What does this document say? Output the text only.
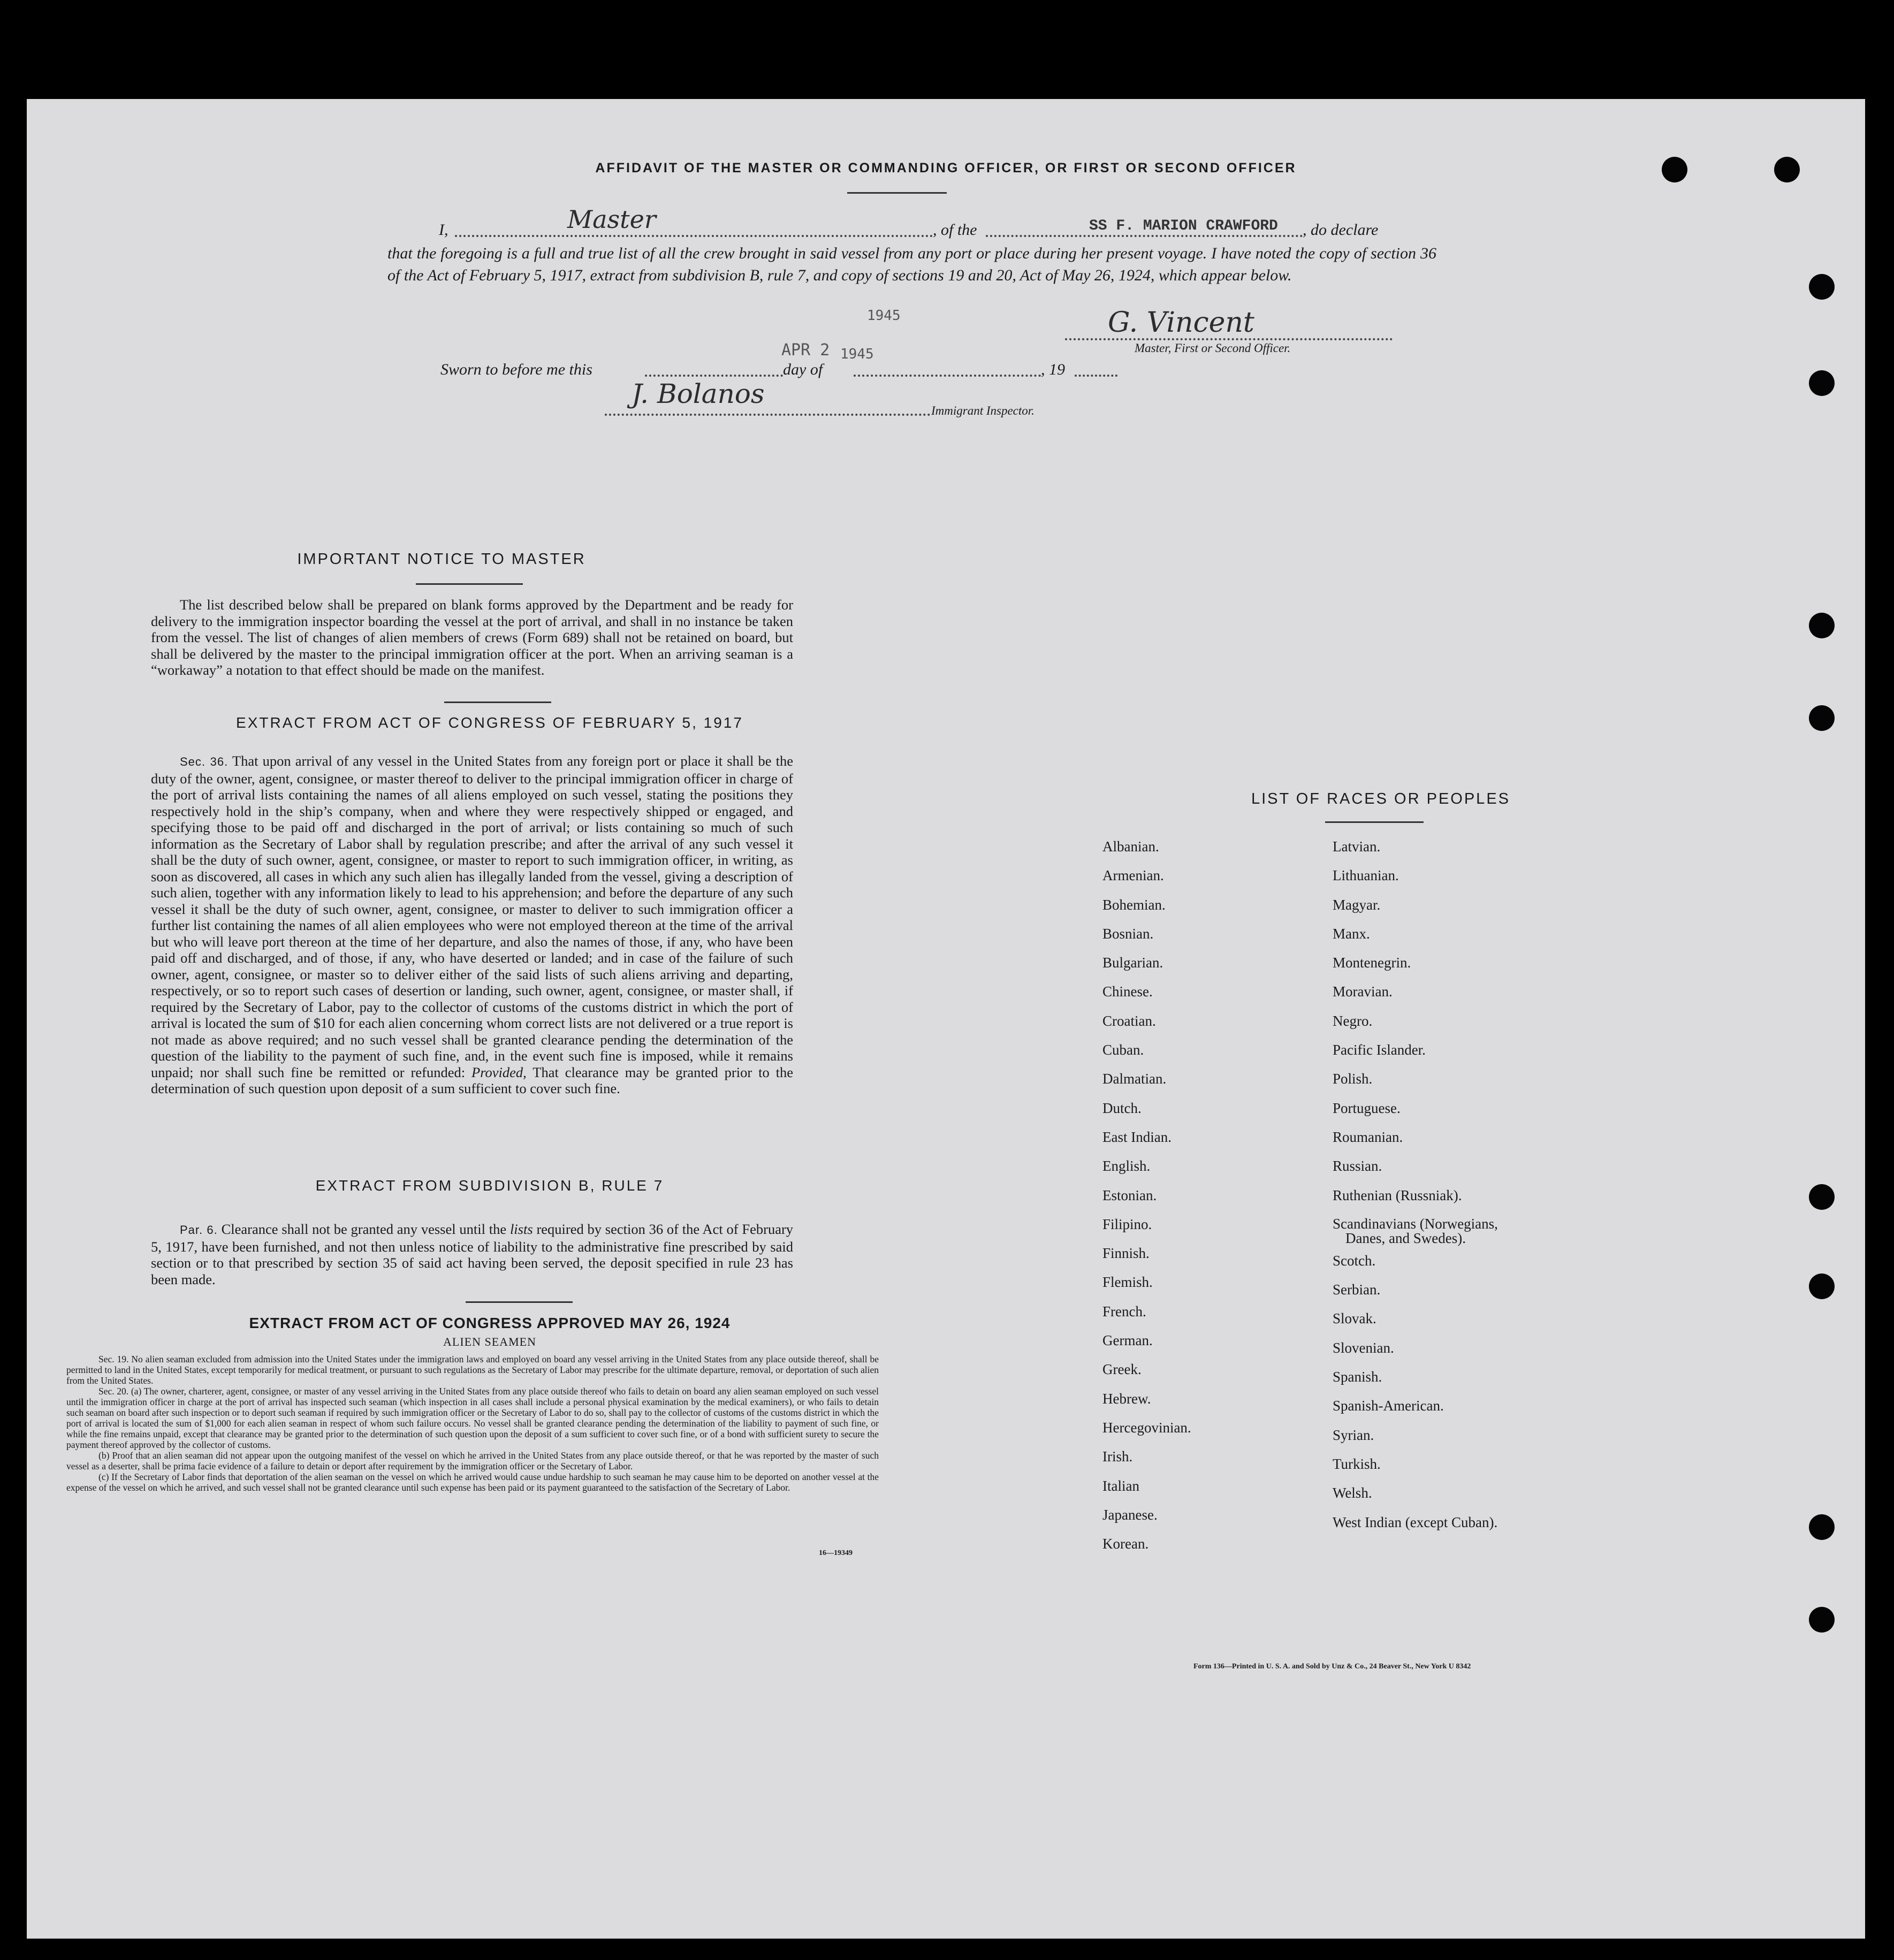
AFFIDAVIT OF THE MASTER OR COMMANDING OFFICER, OR FIRST OR SECOND OFFICER
I,	Master	, of the	SS F. MARION CRAWFORD , do declare
that the foregoing is a full and true list of all the crew brought in said vessel from any port or place during her present voyage. I have noted the copy of section 36 of the Act of February 5, 1917, extract from subdivision B, rule 7, and copy of sections 19 and 20, Act of May 26, 1924, which appear below.
1945
APR 2 1945
G. Vincent
Master, First or Second Officer.
Sworn to before me this	day of	, 19
J. Bolanos
Immigrant Inspector.
IMPORTANT NOTICE TO MASTER
The list described below shall be prepared on blank forms approved by the Department and be ready for delivery to the immigration inspector boarding the vessel at the port of arrival, and shall in no instance be taken from the vessel. The list of changes of alien members of crews (Form 689) shall not be retained on board, but shall be delivered by the master to the principal immigration officer at the port. When an arriving seaman is a “workaway” a notation to that effect should be made on the manifest.
EXTRACT FROM ACT OF CONGRESS OF FEBRUARY 5, 1917
Sec. 36. That upon arrival of any vessel in the United States from any foreign port or place it shall be the duty of the owner, agent, consignee, or master thereof to deliver to the principal immigration officer in charge of the port of arrival lists containing the names of all aliens employed on such vessel, stating the positions they respectively hold in the ship’s company, when and where they were respectively shipped or engaged, and specifying those to be paid off and discharged in the port of arrival; or lists containing so much of such information as the Secretary of Labor shall by regulation prescribe; and after the arrival of any such vessel it shall be the duty of such owner, agent, consignee, or master to report to such immigration officer, in writing, as soon as discovered, all cases in which any such alien has illegally landed from the vessel, giving a description of such alien, together with any information likely to lead to his apprehension; and before the departure of any such vessel it shall be the duty of such owner, agent, consignee, or master to deliver to such immigration officer a further list containing the names of all alien employees who were not employed thereon at the time of the arrival but who will leave port thereon at the time of her departure, and also the names of those, if any, who have been paid off and discharged, and of those, if any, who have deserted or landed; and in case of the failure of such owner, agent, consignee, or master so to deliver either of the said lists of such aliens arriving and departing, respectively, or so to report such cases of desertion or landing, such owner, agent, consignee, or master shall, if required by the Secretary of Labor, pay to the collector of customs of the customs district in which the port of arrival is located the sum of $10 for each alien concerning whom correct lists are not delivered or a true report is not made as above required; and no such vessel shall be granted clearance pending the determination of the question of the liability to the payment of such fine, and, in the event such fine is imposed, while it remains unpaid; nor shall such fine be remitted or refunded: Provided, That clearance may be granted prior to the determination of such question upon deposit of a sum sufficient to cover such fine.
EXTRACT FROM SUBDIVISION B, RULE 7
Par. 6. Clearance shall not be granted any vessel until the lists required by section 36 of the Act of February 5, 1917, have been furnished, and not then unless notice of liability to the administrative fine prescribed by said section or to that prescribed by section 35 of said act having been served, the deposit specified in rule 23 has been made.
EXTRACT FROM ACT OF CONGRESS APPROVED MAY 26, 1924
ALIEN SEAMEN
Sec. 19. No alien seaman excluded from admission into the United States under the immigration laws and employed on board any vessel arriving in the United States from any place outside thereof, shall be permitted to land in the United States, except temporarily for medical treatment, or pursuant to such regulations as the Secretary of Labor may prescribe for the ultimate departure, removal, or deportation of such alien from the United States.
Sec. 20. (a) The owner, charterer, agent, consignee, or master of any vessel arriving in the United States from any place outside thereof who fails to detain on board any alien seaman employed on such vessel until the immigration officer in charge at the port of arrival has inspected such seaman (which inspection in all cases shall include a personal physical examination by the medical examiners), or who fails to detain such seaman on board after such inspection or to deport such seaman if required by such immigration officer or the Secretary of Labor to do so, shall pay to the collector of customs of the customs district in which the port of arrival is located the sum of $1,000 for each alien seaman in respect of whom such failure occurs. No vessel shall be granted clearance pending the determination of the liability to payment of such fine, or while the fine remains unpaid, except that clearance may be granted prior to the determination of such question upon the deposit of a sum sufficient to cover such fine, or of a bond with sufficient surety to secure the payment thereof approved by the collector of customs.
(b) Proof that an alien seaman did not appear upon the outgoing manifest of the vessel on which he arrived in the United States from any place outside thereof, or that he was reported by the master of such vessel as a deserter, shall be prima facie evidence of a failure to detain or deport after requirement by the immigration officer or the Secretary of Labor.
(c) If the Secretary of Labor finds that deportation of the alien seaman on the vessel on which he arrived would cause undue hardship to such seaman he may cause him to be deported on another vessel at the expense of the vessel on which he arrived, and such vessel shall not be granted clearance until such expense has been paid or its payment guaranteed to the satisfaction of the Secretary of Labor.
16—19349
LIST OF RACES OR PEOPLES
Albanian.
Armenian.
Bohemian.
Bosnian.
Bulgarian.
Chinese.
Croatian.
Cuban.
Dalmatian.
Dutch.
East Indian.
English.
Estonian.
Filipino.
Finnish.
Flemish.
French.
German.
Greek.
Hebrew.
Hercegovinian.
Irish.
Italian
Japanese.
Korean.
Latvian.
Lithuanian.
Magyar.
Manx.
Montenegrin.
Moravian.
Negro.
Pacific Islander.
Polish.
Portuguese.
Roumanian.
Russian.
Ruthenian (Russniak).
Scandinavians (Norwegians,
Danes, and Swedes).
Scotch.
Serbian.
Slovak.
Slovenian.
Spanish.
Spanish-American.
Syrian.
Turkish.
Welsh.
West Indian (except Cuban).
Form 136—Printed in U. S. A. and Sold by Unz & Co., 24 Beaver St., New York U 8342
